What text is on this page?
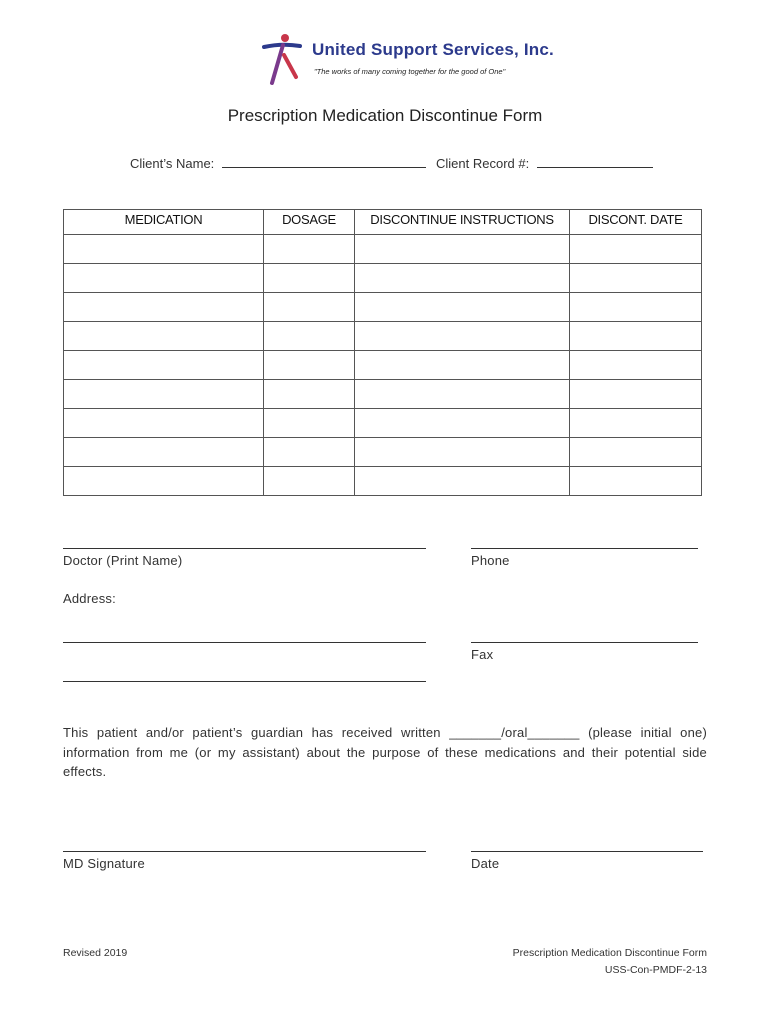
United Support Services, Inc.
"The works of many coming together for the good of One"
Prescription Medication Discontinue Form
Client’s Name:	Client Record #:
MEDICATION	DOSAGE	DISCONTINUE INSTRUCTIONS	DISCONT. DATE

Doctor (Print Name)	Phone
Address:
Fax
This patient and/or patient’s guardian has received written _______/oral_______ (please initial one) information from me (or my assistant) about the purpose of these medications and their potential side effects.
MD Signature	Date
Revised 2019	Prescription Medication Discontinue Form
USS-Con-PMDF-2-13
